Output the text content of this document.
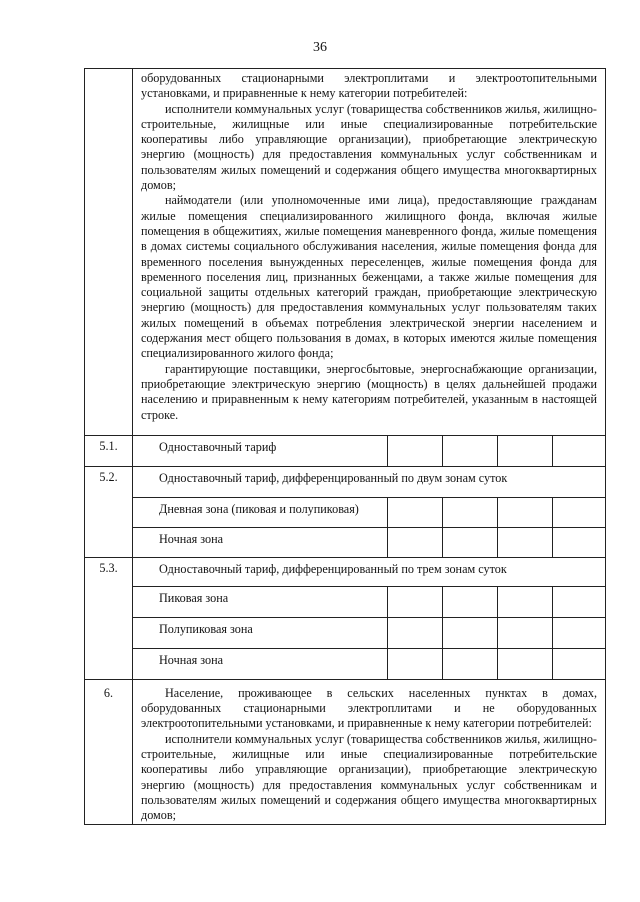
36

	оборудованных стационарными электроплитами и электроотопительными установками, и приравненные к нему категории потребителей:

исполнители коммунальных услуг (товарищества собственников жилья, жилищно-строительные, жилищные или иные специализированные потребительские кооперативы либо управляющие организации), приобретающие электрическую энергию (мощность) для предоставления коммунальных услуг собственникам и пользователям жилых помещений и содержания общего имущества многоквартирных домов;

наймодатели (или уполномоченные ими лица), предоставляющие гражданам жилые помещения специализированного жилищного фонда, включая жилые помещения в общежитиях, жилые помещения маневренного фонда, жилые помещения в домах системы социального обслуживания населения, жилые помещения фонда для временного поселения вынужденных переселенцев, жилые помещения фонда для временного поселения лиц, признанных беженцами, а также жилые помещения для социальной защиты отдельных категорий граждан, приобретающие электрическую энергию (мощность) для предоставления коммунальных услуг пользователям таких жилых помещений в объемах потребления электрической энергии населением и содержания мест общего пользования в домах, в которых имеются жилые помещения специализированного жилого фонда;

гарантирующие поставщики, энергосбытовые, энергоснабжающие организации, приобретающие электрическую энергию (мощность) в целях дальнейшей продажи населению и приравненным к нему категориям потребителей, указанным в настоящей строке.

5.1.	Одноставочный тариф

5.2.	Одноставочный тариф, дифференцированный по двум зонам суток
Дневная зона (пиковая и полупиковая)
Ночная зона

5.3.	Одноставочный тариф, дифференцированный по трем зонам суток
Пиковая зона
Полупиковая зона
Ночная зона

6.	Население, проживающее в сельских населенных пунктах в домах, оборудованных стационарными электроплитами и не оборудованных электроотопительными установками, и приравненные к нему категории потребителей:

исполнители коммунальных услуг (товарищества собственников жилья, жилищно-строительные, жилищные или иные специализированные потребительские кооперативы либо управляющие организации), приобретающие электрическую энергию (мощность) для предоставления коммунальных услуг собственникам и пользователям жилых помещений и содержания общего имущества многоквартирных домов;
